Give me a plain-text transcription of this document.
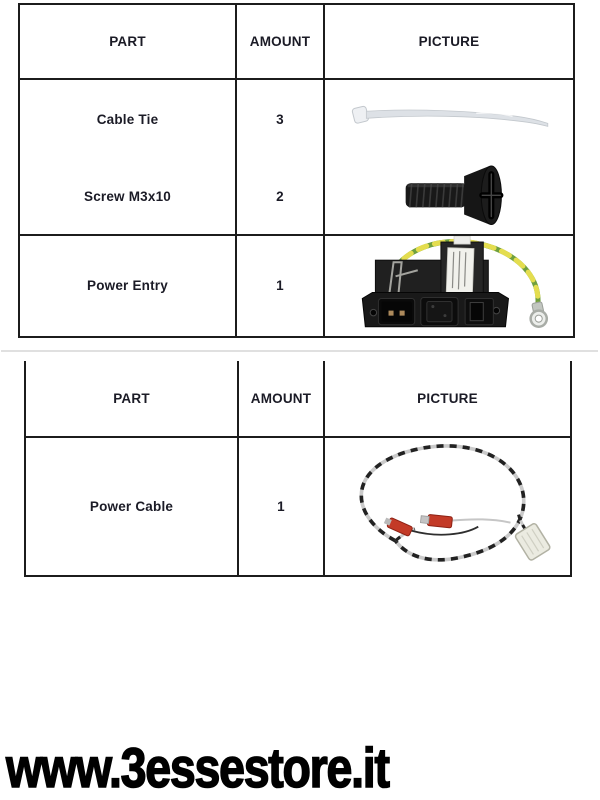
PART	AMOUNT	PICTURE
Cable Tie	3	

Screw M3x10	2	

Power Entry	1	
PART	AMOUNT	PICTURE
Power Cable	1	
www.3essestore.it
